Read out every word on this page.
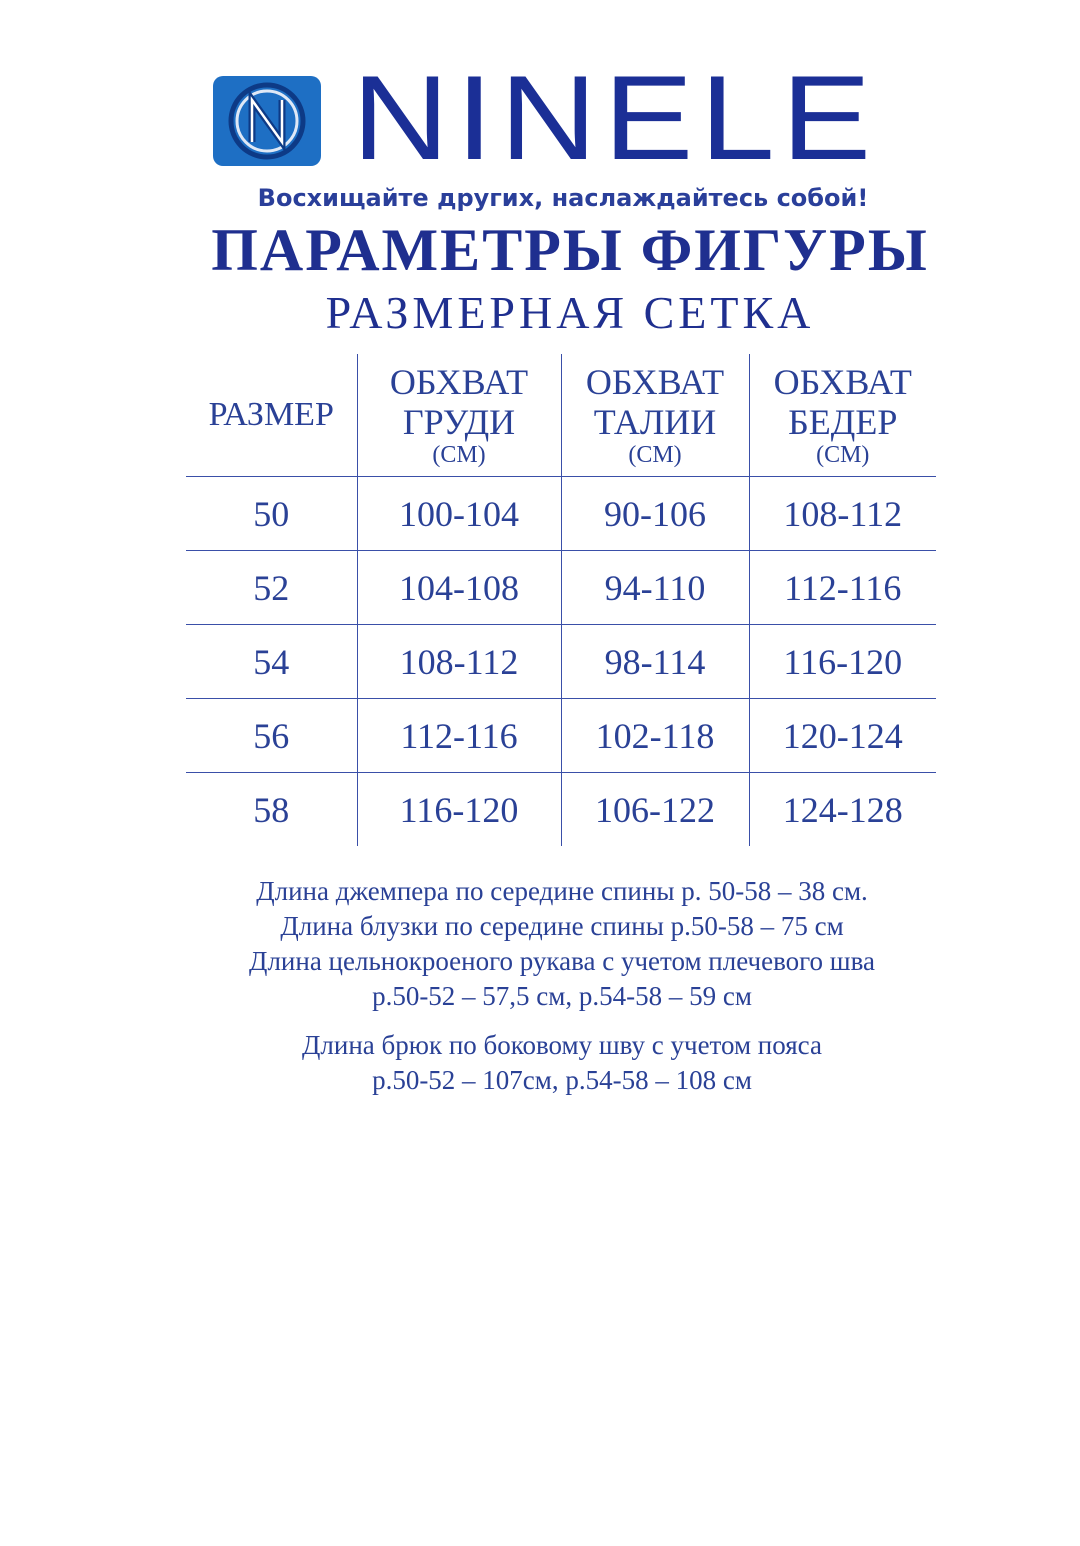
NINELE
Восхищайте других, наслаждайтесь собой!
ПАРАМЕТРЫ ФИГУРЫ
РАЗМЕРНАЯ СЕТКА
РАЗМЕР	ОБХВАТ
ГРУДИ
(СМ)	ОБХВАТ
ТАЛИИ
(СМ)	ОБХВАТ
БЕДЕР
(СМ)

50	100-104	90-106	108-112
52	104-108	94-110	112-116
54	108-112	98-114	116-120
56	112-116	102-118	120-124
58	116-120	106-122	124-128
Длина джемпера по середине спины р. 50-58 – 38 см.
Длина блузки по середине спины р.50-58 – 75 см
Длина цельнокроеного рукава с учетом плечевого шва
р.50-52 – 57,5 см, р.54-58 – 59 см
Длина брюк по боковому шву с учетом пояса
р.50-52 – 107см, р.54-58 – 108 см
